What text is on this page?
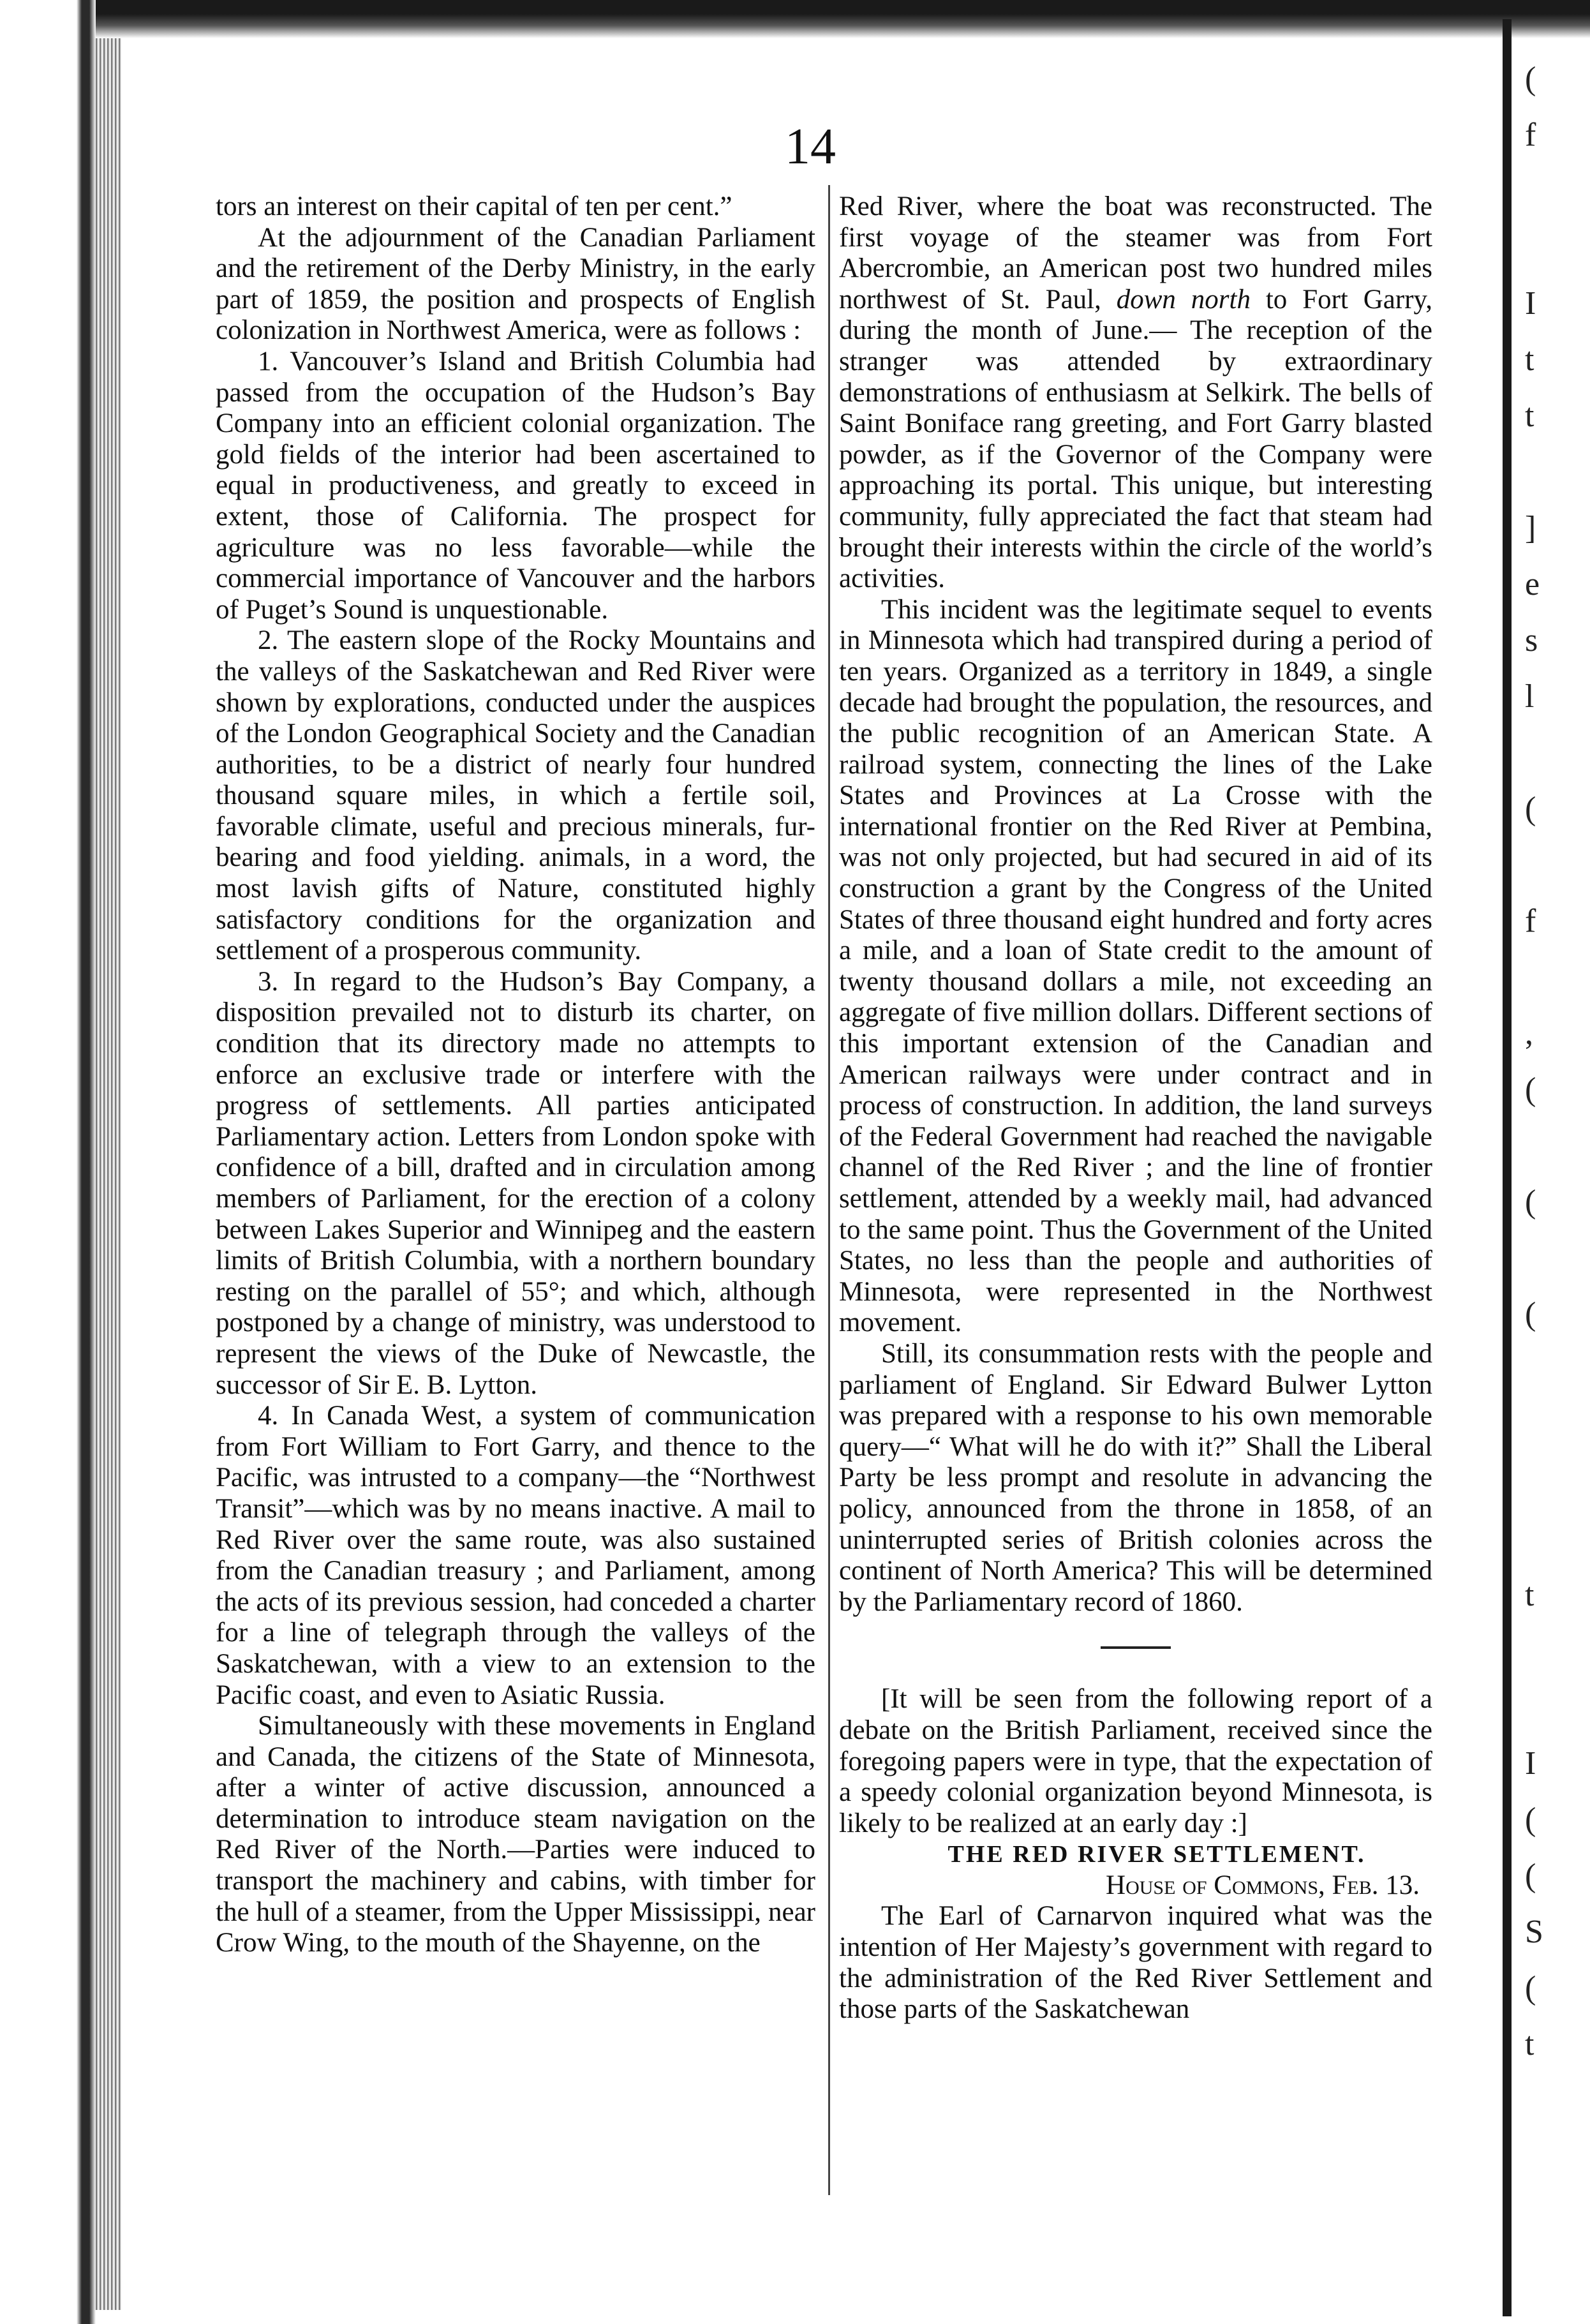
(
f

I
t
t

]
e
s
l

(

f

,
(

(

(

t

I
(
(
S
(
t
14

tors an interest on their capital of ten per cent.”

At the adjournment of the Canadian Parliament and the retirement of the Derby Ministry, in the early part of 1859, the position and prospects of English colonization in Northwest America, were as follows :

1. Vancouver’s Island and British Columbia had passed from the occupation of the Hudson’s Bay Company into an efficient colonial organization. The gold fields of the interior had been ascertained to equal in productiveness, and greatly to exceed in extent, those of California. The prospect for agriculture was no less favorable—while the commercial importance of Vancouver and the harbors of Puget’s Sound is unquestionable.

2. The eastern slope of the Rocky Mountains and the valleys of the Saskatchewan and Red River were shown by explorations, conducted under the auspices of the London Geographical Society and the Canadian authorities, to be a district of nearly four hundred thousand square miles, in which a fertile soil, favorable climate, useful and precious minerals, fur-bearing and food yielding. animals, in a word, the most lavish gifts of Nature, constituted highly satisfactory conditions for the organization and settlement of a prosperous community.

3. In regard to the Hudson’s Bay Company, a disposition prevailed not to disturb its charter, on condition that its directory made no attempts to enforce an exclusive trade or interfere with the progress of settlements. All parties anticipated Parliamentary action. Letters from London spoke with confidence of a bill, drafted and in circulation among members of Parliament, for the erection of a colony between Lakes Superior and Winnipeg and the eastern limits of British Columbia, with a northern boundary resting on the parallel of 55°; and which, although postponed by a change of ministry, was understood to represent the views of the Duke of Newcastle, the successor of Sir E. B. Lytton.

4. In Canada West, a system of communication from Fort William to Fort Garry, and thence to the Pacific, was intrusted to a company—the “Northwest Transit”—which was by no means inactive. A mail to Red River over the same route, was also sustained from the Canadian treasury ; and Parliament, among the acts of its previous session, had conceded a charter for a line of telegraph through the valleys of the Saskatchewan, with a view to an extension to the Pacific coast, and even to Asiatic Russia.

Simultaneously with these movements in England and Canada, the citizens of the State of Minnesota, after a winter of active discussion, announced a determination to introduce steam navigation on the Red River of the North.—Parties were induced to transport the machinery and cabins, with timber for the hull of a steamer, from the Upper Mississippi, near Crow Wing, to the mouth of the Shayenne, on the

Red River, where the boat was reconstructed. The first voyage of the steamer was from Fort Abercrombie, an American post two hundred miles northwest of St. Paul, down north to Fort Garry, during the month of June.— The reception of the stranger was attended by extraordinary demonstrations of enthusiasm at Selkirk. The bells of Saint Boniface rang greeting, and Fort Garry blasted powder, as if the Governor of the Company were approaching its portal. This unique, but interesting community, fully appreciated the fact that steam had brought their interests within the circle of the world’s activities.

This incident was the legitimate sequel to events in Minnesota which had transpired during a period of ten years. Organized as a territory in 1849, a single decade had brought the population, the resources, and the public recognition of an American State. A railroad system, connecting the lines of the Lake States and Provinces at La Crosse with the international frontier on the Red River at Pembina, was not only projected, but had secured in aid of its construction a grant by the Congress of the United States of three thousand eight hundred and forty acres a mile, and a loan of State credit to the amount of twenty thousand dollars a mile, not exceeding an aggregate of five million dollars. Different sections of this important extension of the Canadian and American railways were under contract and in process of construction. In addition, the land surveys of the Federal Government had reached the navigable channel of the Red River ; and the line of frontier settlement, attended by a weekly mail, had advanced to the same point. Thus the Government of the United States, no less than the people and authorities of Minnesota, were represented in the Northwest movement.

Still, its consummation rests with the people and parliament of England. Sir Edward Bulwer Lytton was prepared with a response to his own memorable query—“ What will he do with it?” Shall the Liberal Party be less prompt and resolute in advancing the policy, announced from the throne in 1858, of an uninterrupted series of British colonies across the continent of North America? This will be determined by the Parliamentary record of 1860.

[It will be seen from the following report of a debate on the British Parliament, received since the foregoing papers were in type, that the expectation of a speedy colonial organization beyond Minnesota, is likely to be realized at an early day :]

THE RED RIVER SETTLEMENT.

House of Commons, Feb. 13.

The Earl of Carnarvon inquired what was the intention of Her Majesty’s government with regard to the administration of the Red River Settlement and those parts of the Saskatchewan
